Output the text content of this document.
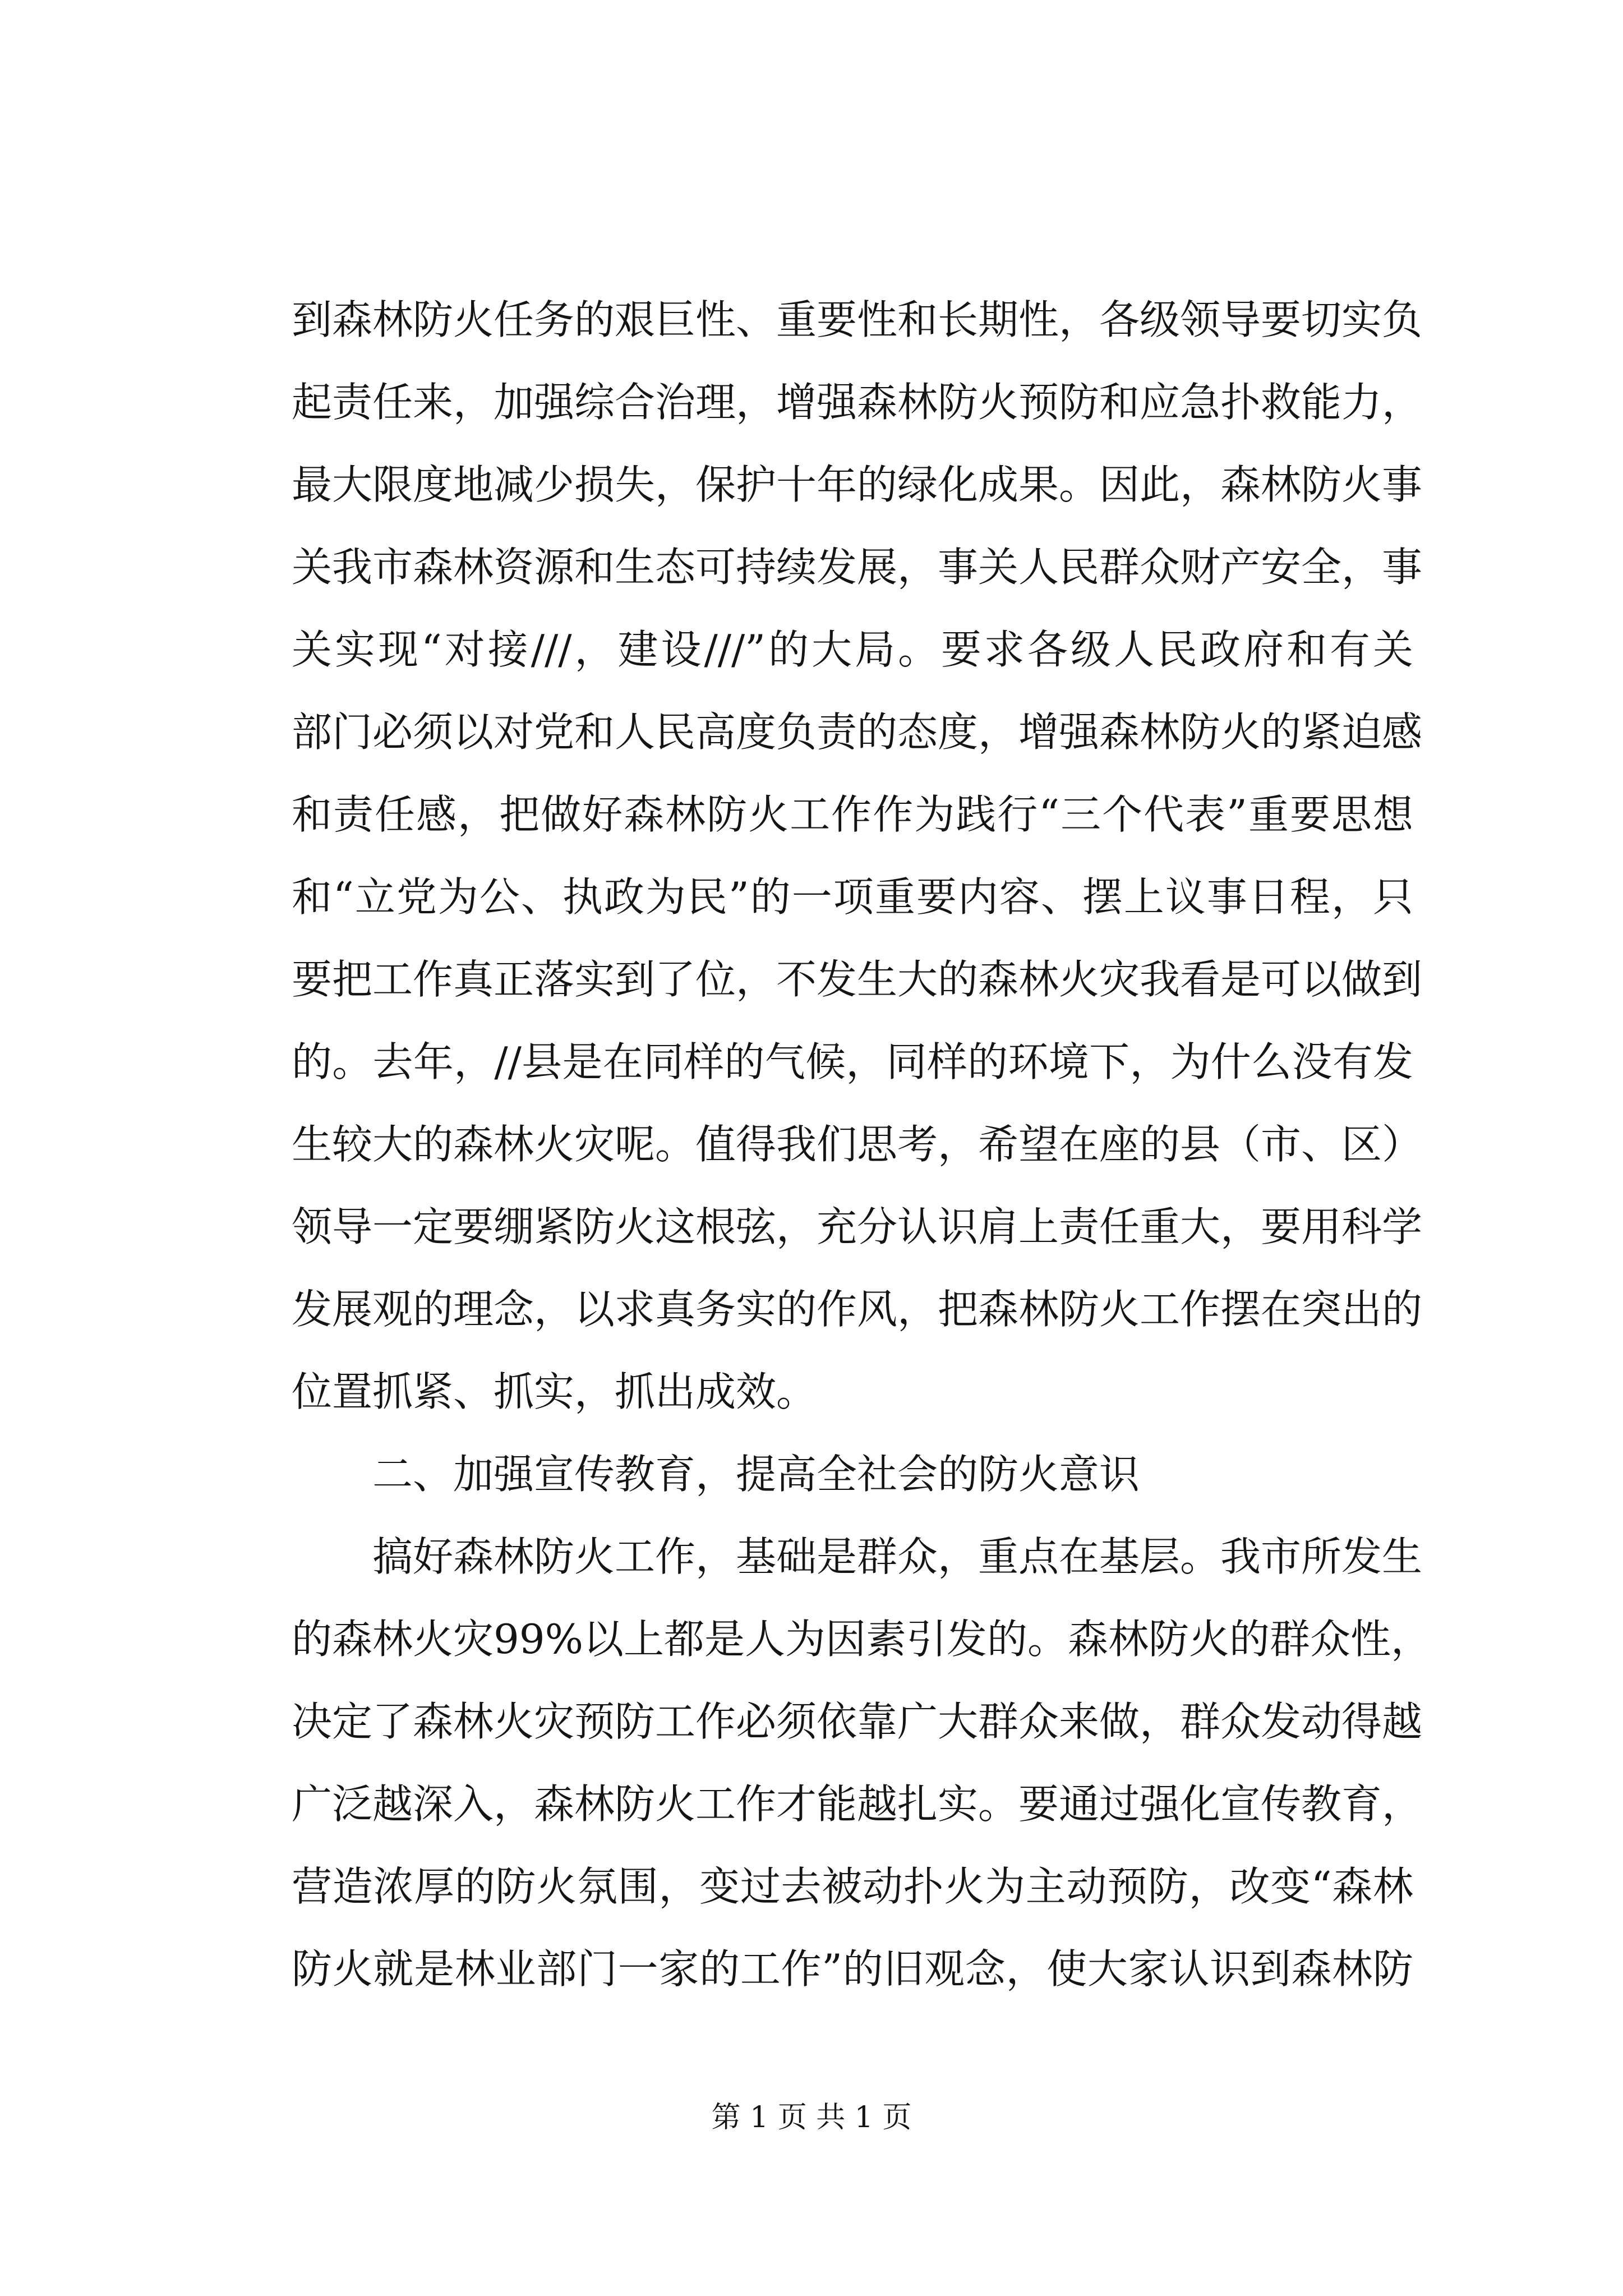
到森林防火任务的艰巨性、重要性和长期性，各级领导要切实负
起责任来，加强综合治理，增强森林防火预防和应急扑救能力，
最大限度地减少损失，保护十年的绿化成果。因此，森林防火事
关我市森林资源和生态可持续发展，事关人民群众财产安全，事
关实现“对接///，建设///”的大局。要求各级人民政府和有关
部门必须以对党和人民高度负责的态度，增强森林防火的紧迫感
和责任感，把做好森林防火工作作为践行“三个代表”重要思想
和“立党为公、执政为民”的一项重要内容、摆上议事日程，只
要把工作真正落实到了位，不发生大的森林火灾我看是可以做到
的。去年，//县是在同样的气候，同样的环境下，为什么没有发
生较大的森林火灾呢。值得我们思考，希望在座的县（市、区）
领导一定要绷紧防火这根弦，充分认识肩上责任重大，要用科学
发展观的理念，以求真务实的作风，把森林防火工作摆在突出的
位置抓紧、抓实，抓出成效。
二、加强宣传教育，提高全社会的防火意识
搞好森林防火工作，基础是群众，重点在基层。我市所发生
的森林火灾99%以上都是人为因素引发的。森林防火的群众性，
决定了森林火灾预防工作必须依靠广大群众来做，群众发动得越
广泛越深入，森林防火工作才能越扎实。要通过强化宣传教育，
营造浓厚的防火氛围，变过去被动扑火为主动预防，改变“森林
防火就是林业部门一家的工作”的旧观念，使大家认识到森林防
第 1 页 共 1 页
